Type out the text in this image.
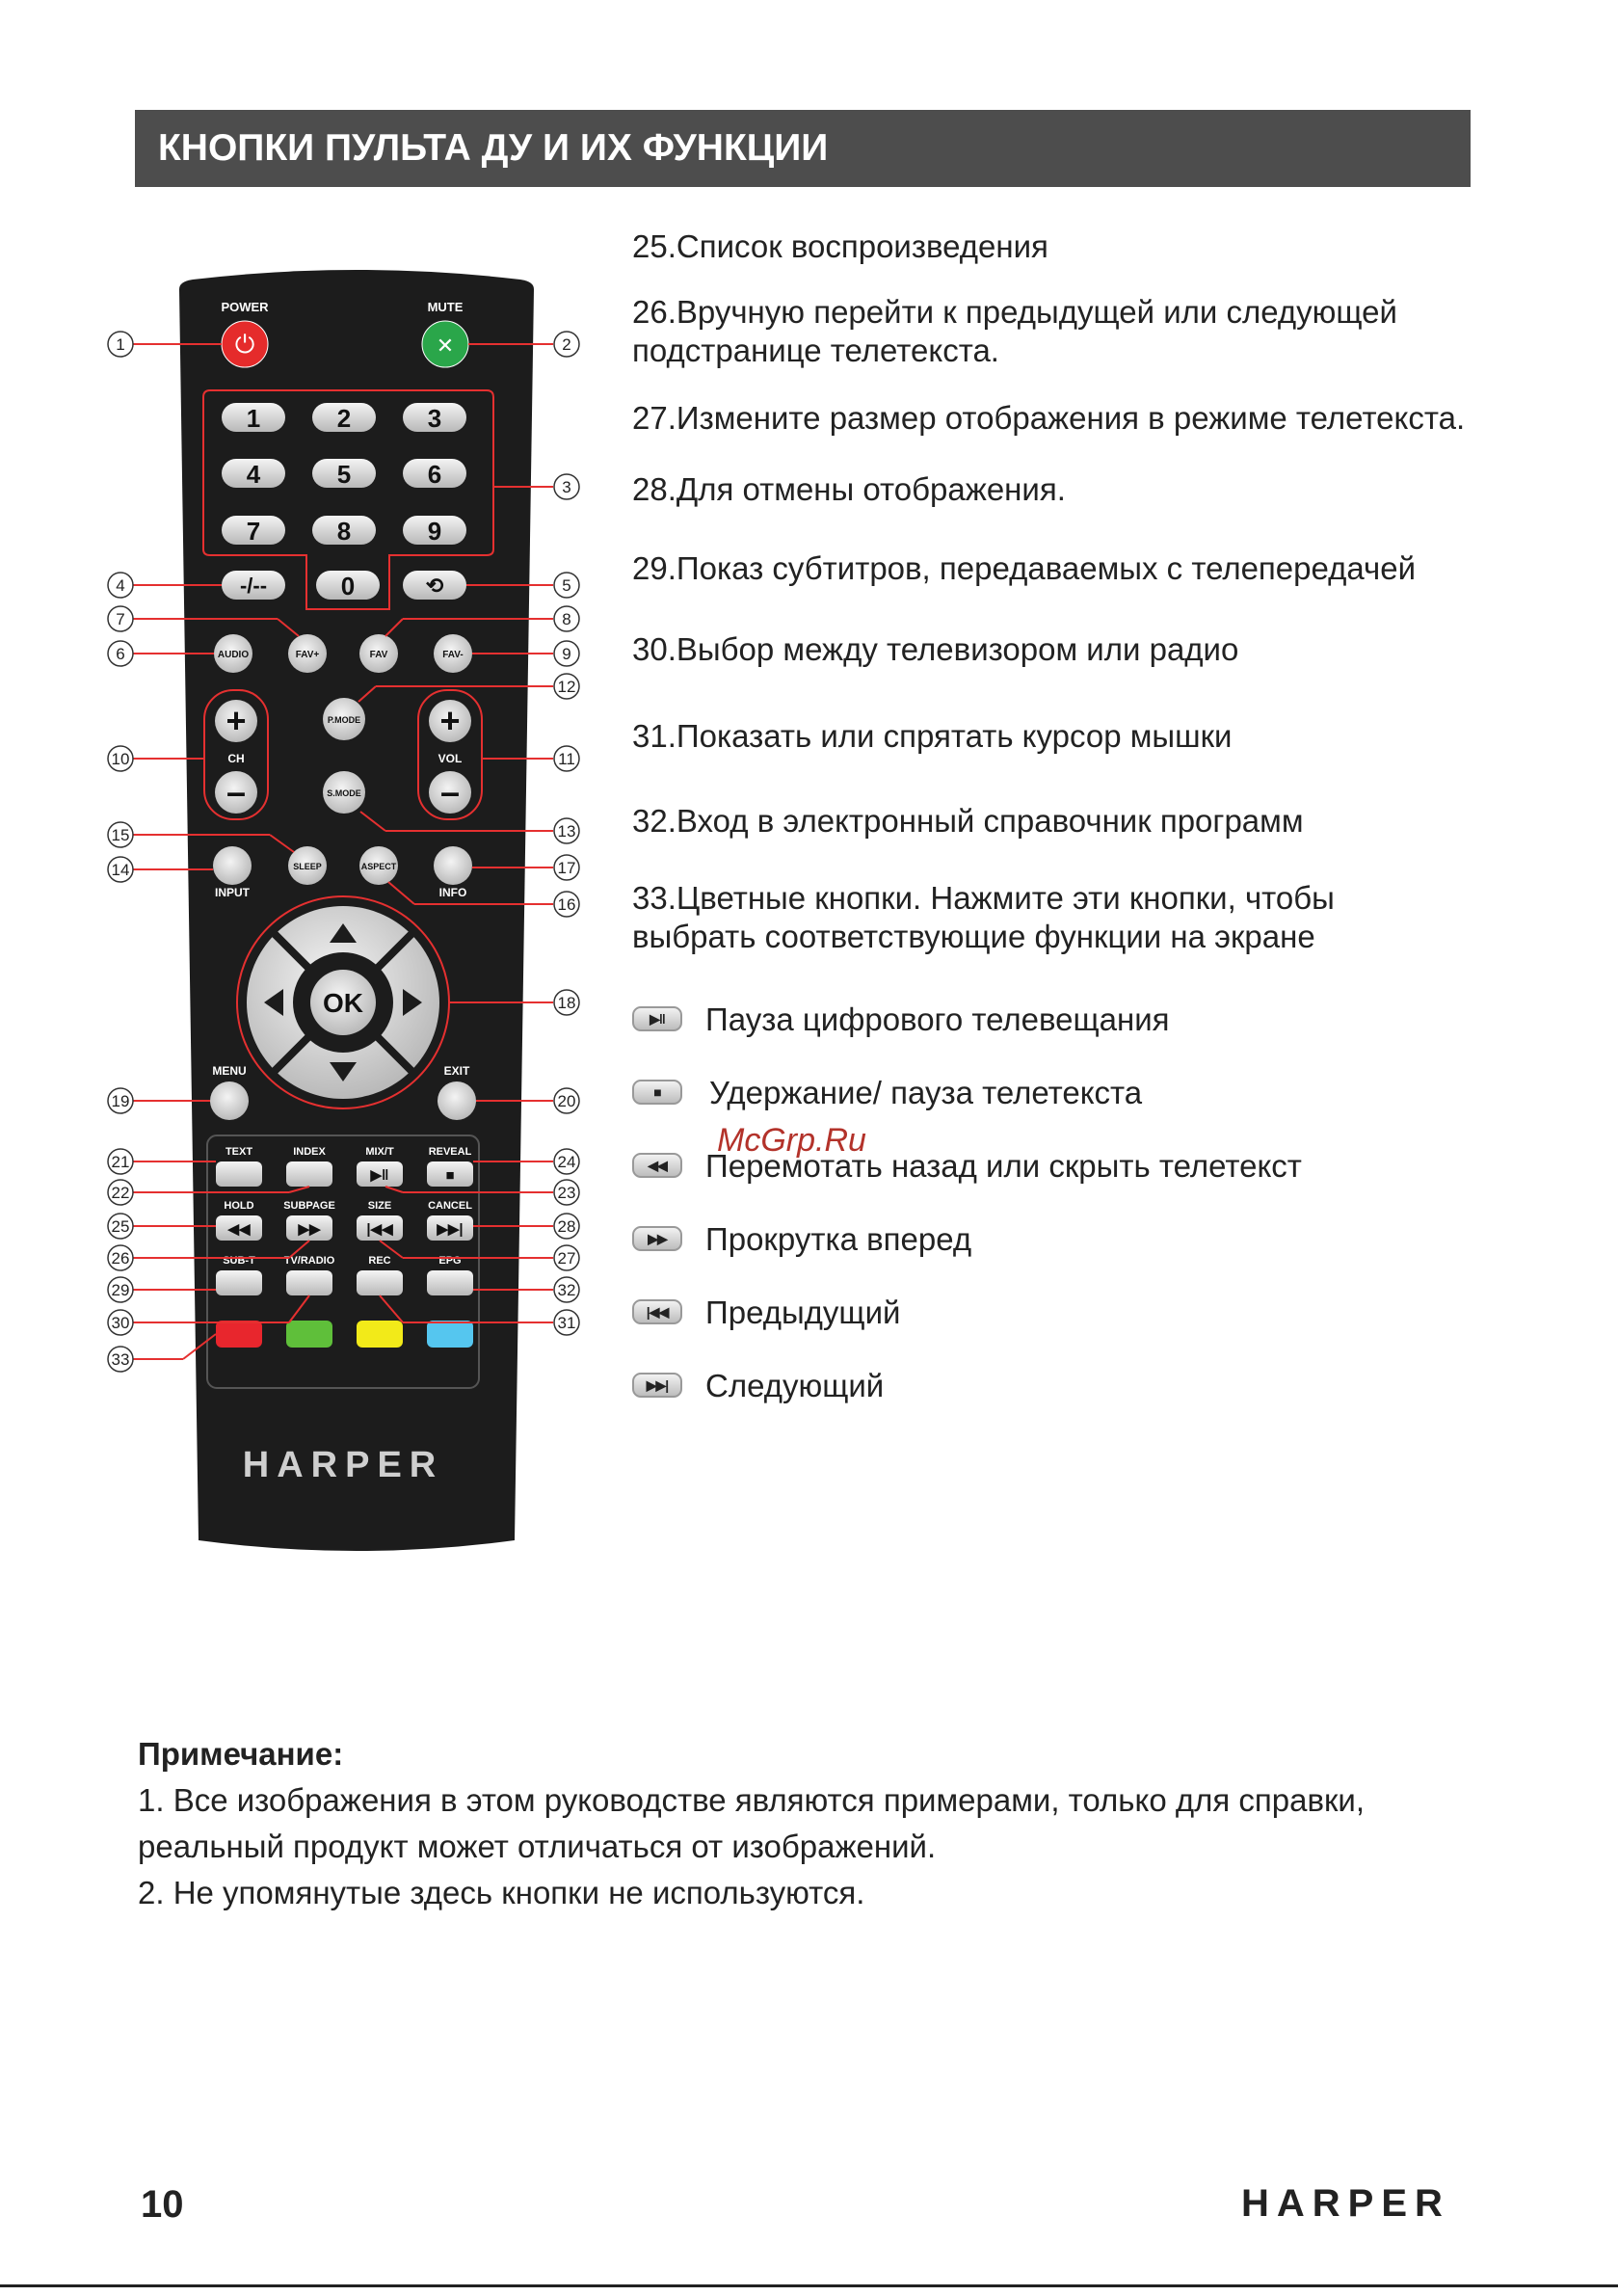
КНОПКИ ПУЛЬТА ДУ И ИХ ФУНКЦИИ
POWER	MUTE
⏻	✕
1	2	3
4	5	6
7	8	9
0
-/--	⟲
AUDIO	FAV+	FAV	FAV-
+
–
+
–
CH	VOL
P.MODE
S.MODE
SLEEP	ASPECT
INPUT	INFO
OK
MENU	EXIT
TEXT	INDEX	MIX/T	REVEAL
HOLD	SUBPAGE	SIZE	CANCEL
SUB-T	TV/RADIO	REC	EPG
▶‖	■
◀◀	▶▶	|◀◀	▶▶|
HARPER
1	2
3
4	5
7	8
6	9
12
10	11
15	13
14	17
16
18
19	20
21	24
22	23
25	28
26	27
29	32
30	31
33
25.Список воспроизведения
26.Вручную перейти к предыдущей или следующей подстранице телетекста.
27.Измените размер отображения в режиме телетекста.
28.Для отмены отображения.
29.Показ субтитров, передаваемых с телепередачей
30.Выбор между телевизором или радио
31.Показать или спрятать курсор мышки
32.Вход в электронный справочник программ
33.Цветные кнопки. Нажмите эти кнопки, чтобы выбрать соответствующие функции на экране
▶‖	Пауза цифрового телевещания
■	Удержание/ пауза телетекста
◀◀	Перемотать назад или скрыть телетекст
▶▶	Прокрутка вперед
|◀◀	Предыдущий
▶▶|	Следующий
McGrp.Ru
Примечание:
1. Все изображения в этом руководстве являются примерами, только для справки, реальный продукт может отличаться от изображений.
2. Не упомянутые здесь кнопки не используются.
10	HARPER
